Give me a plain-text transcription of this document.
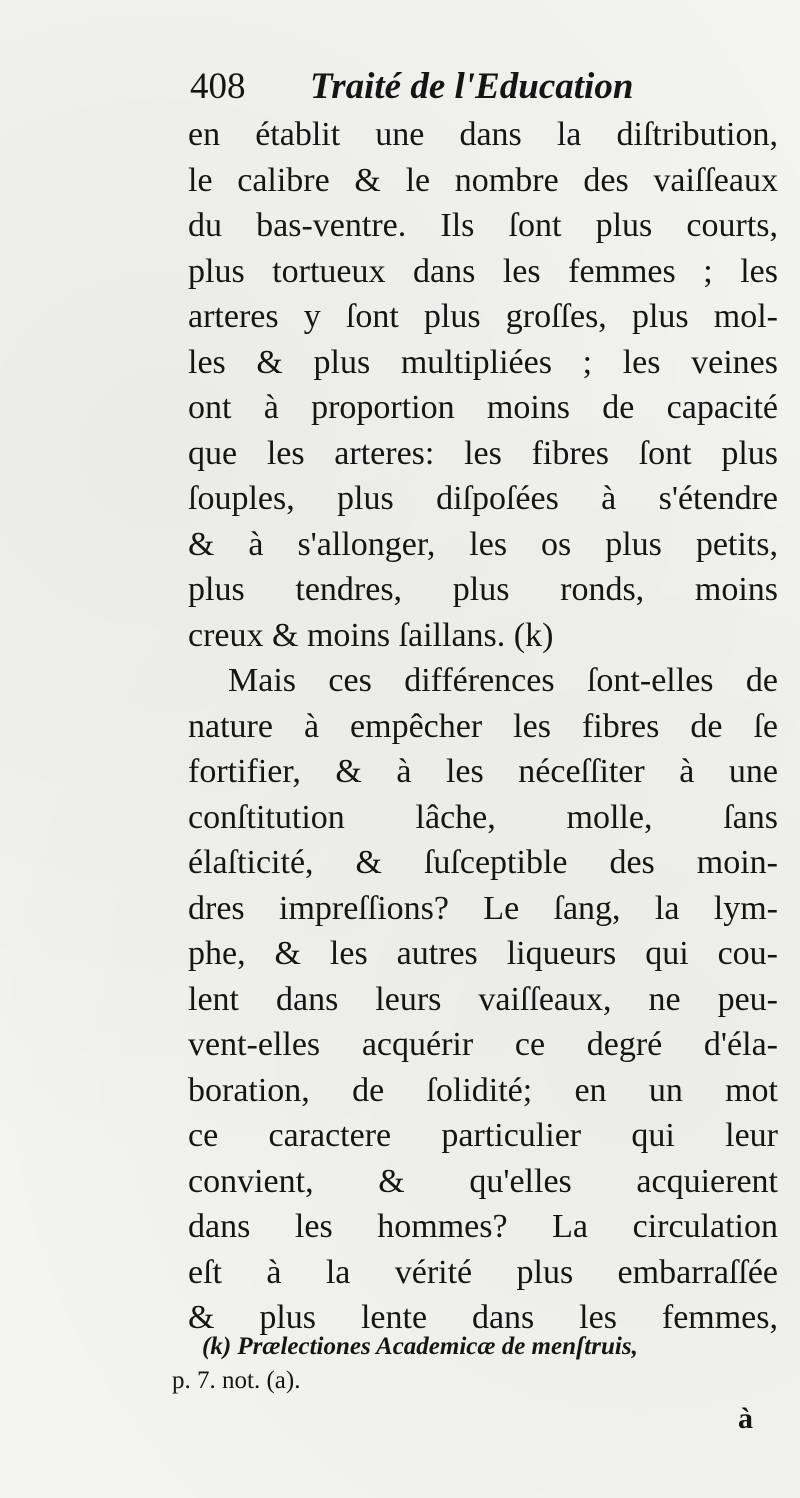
408 Traité de l'Education
en établit une dans la diſtribution,
le calibre & le nombre des vaiſſeaux
du bas-ventre. Ils ſont plus courts,
plus tortueux dans les femmes ; les
arteres y ſont plus groſſes, plus mol-
les & plus multipliées ; les veines
ont à proportion moins de capacité
que les arteres: les fibres ſont plus
ſouples, plus diſpoſées à s'étendre
& à s'allonger, les os plus petits,
plus tendres, plus ronds, moins
creux & moins ſaillans. (k)
Mais ces différences ſont-elles de
nature à empêcher les fibres de ſe
fortifier, & à les néceſſiter à une
conſtitution lâche, molle, ſans
élaſticité, & ſuſceptible des moin-
dres impreſſions? Le ſang, la lym-
phe, & les autres liqueurs qui cou-
lent dans leurs vaiſſeaux, ne peu-
vent-elles acquérir ce degré d'éla-
boration, de ſolidité; en un mot
ce caractere particulier qui leur
convient, & qu'elles acquierent
dans les hommes? La circulation
eſt à la vérité plus embarraſſée
& plus lente dans les femmes,
(k) Prælectiones Academicæ de menſtruis,
p. 7. not. (a).
à
